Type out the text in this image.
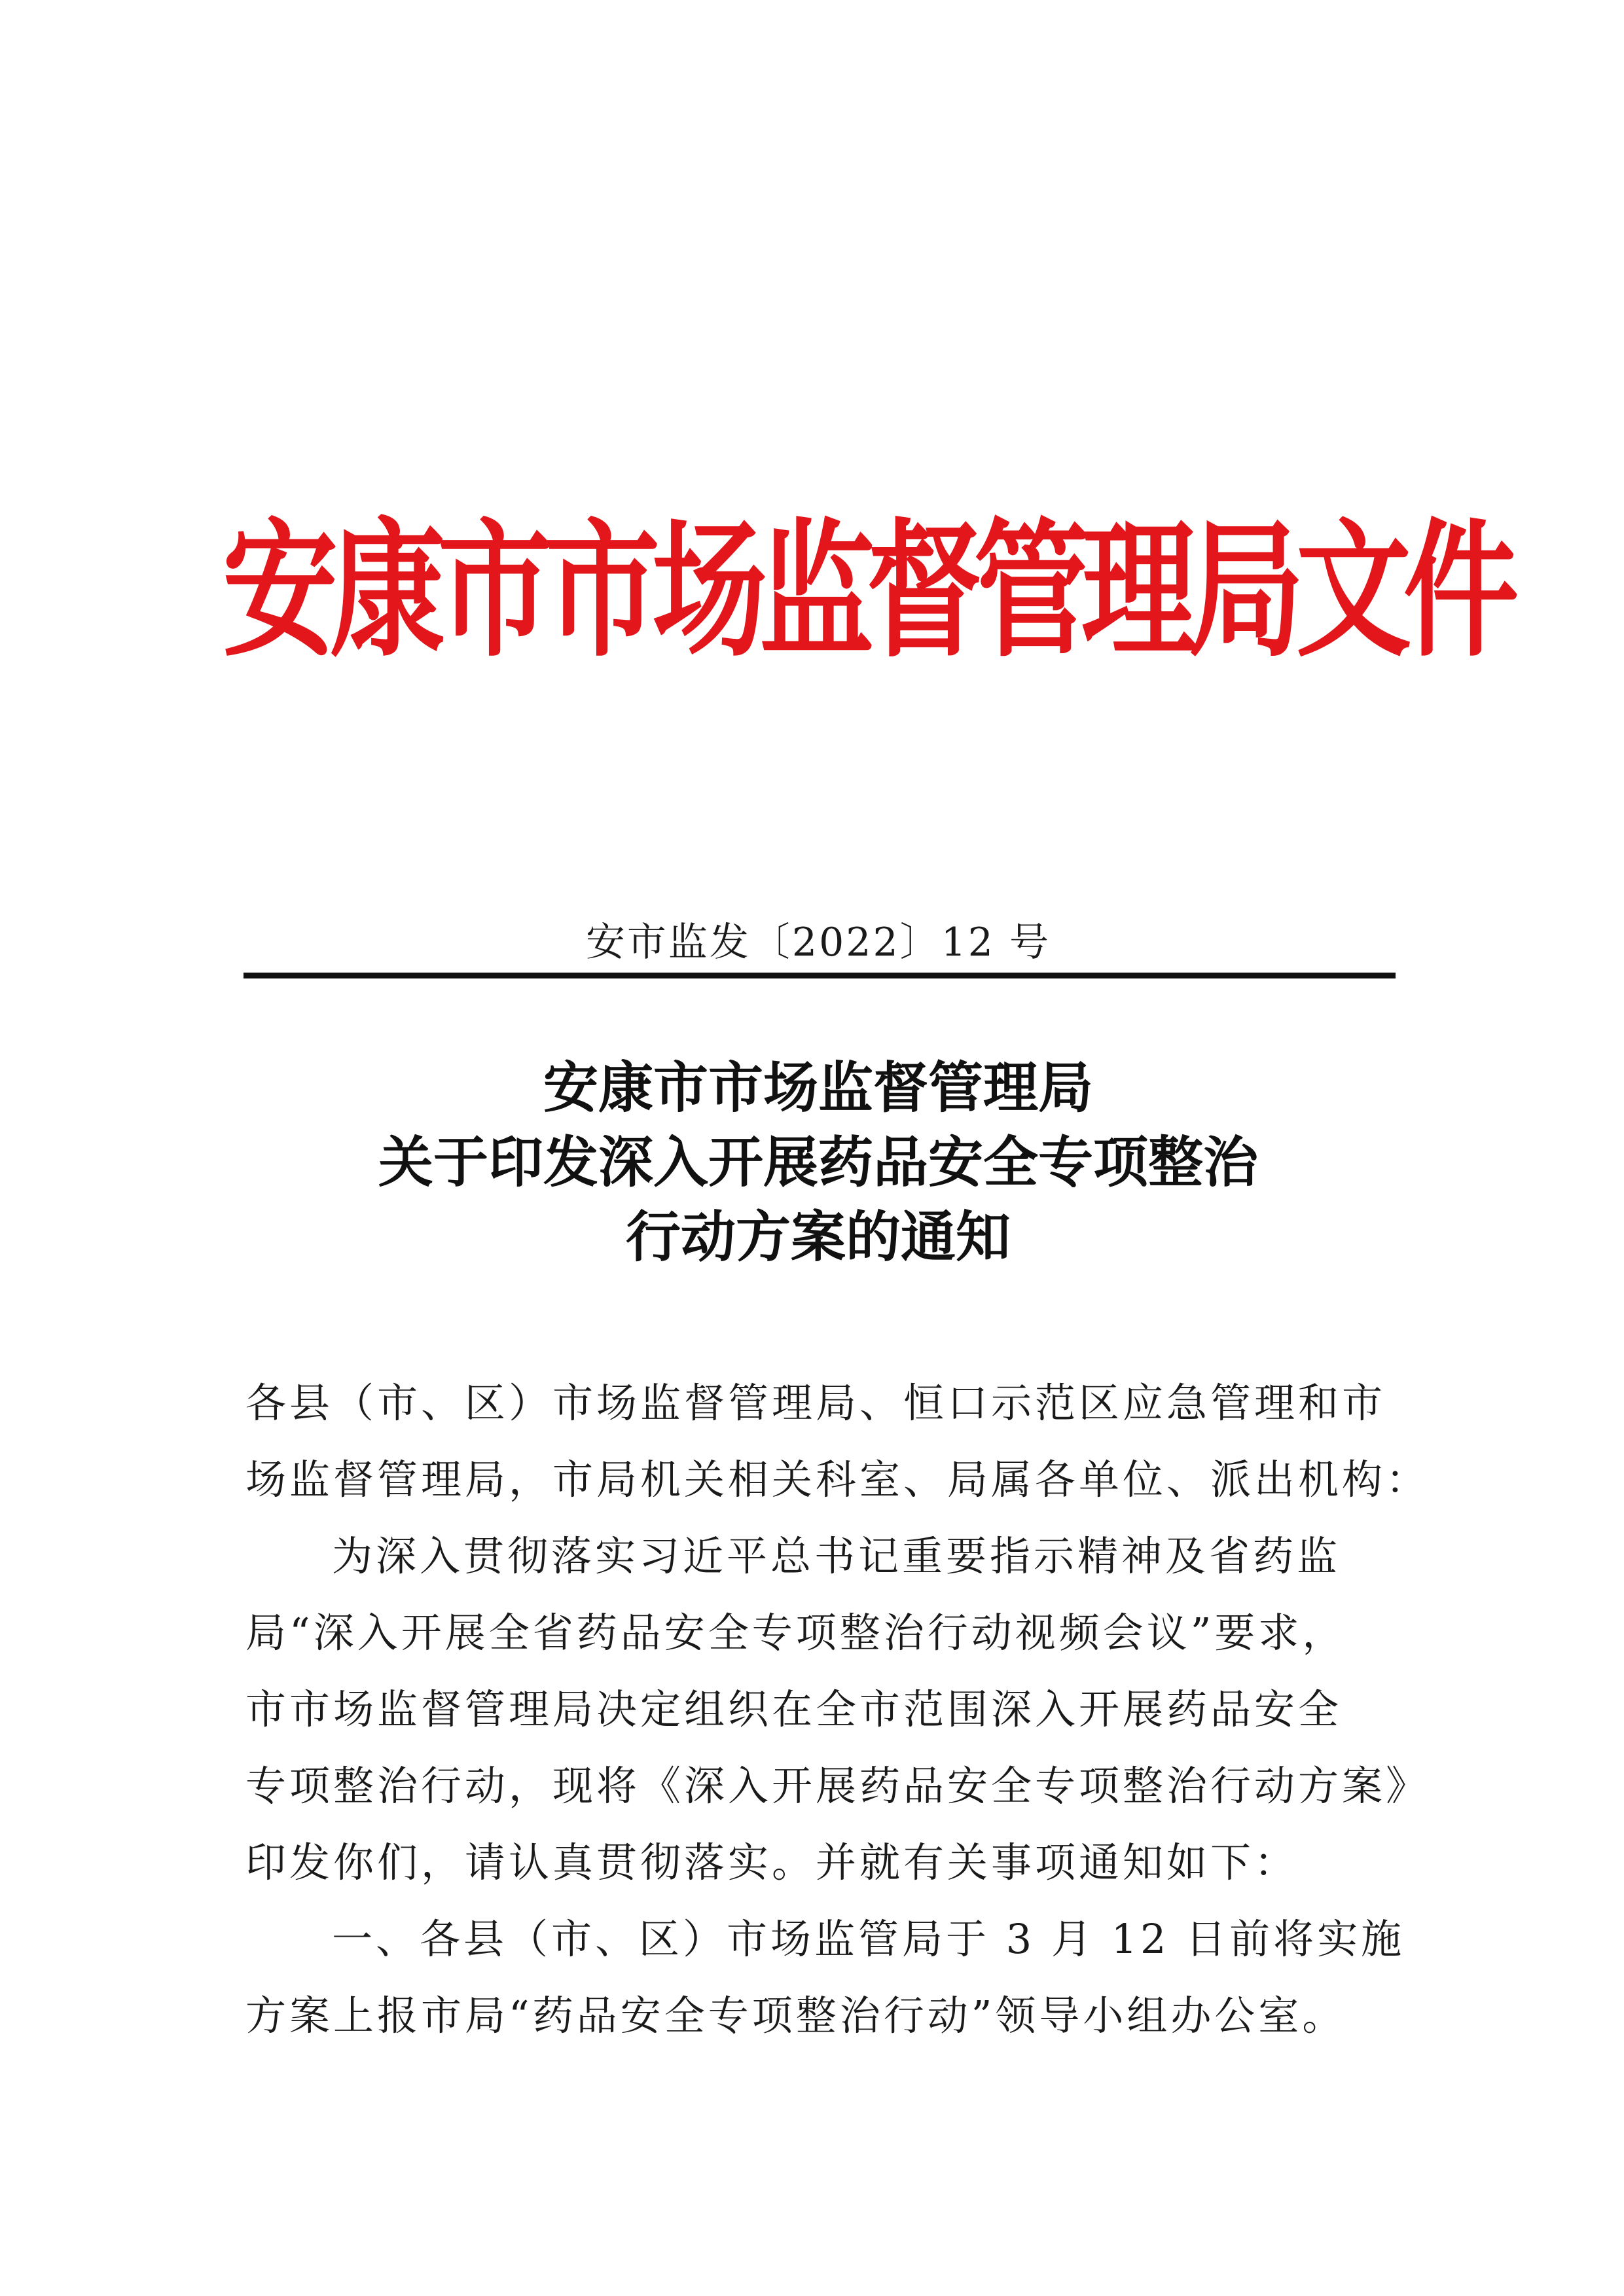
安康市市场监督管理局文件
安市监发〔2022〕12 号
安康市市场监督管理局
关于印发深入开展药品安全专项整治
行动方案的通知
各县（市、区）市场监督管理局、恒口示范区应急管理和市
场监督管理局，市局机关相关科室、局属各单位、派出机构：
为深入贯彻落实习近平总书记重要指示精神及省药监
局“深入开展全省药品安全专项整治行动视频会议”要求，
市市场监督管理局决定组织在全市范围深入开展药品安全
专项整治行动，现将《深入开展药品安全专项整治行动方案》
印发你们，请认真贯彻落实。并就有关事项通知如下：
一、各县（市、区）市场监管局于 3 月 12 日前将实施
方案上报市局“药品安全专项整治行动”领导小组办公室。
